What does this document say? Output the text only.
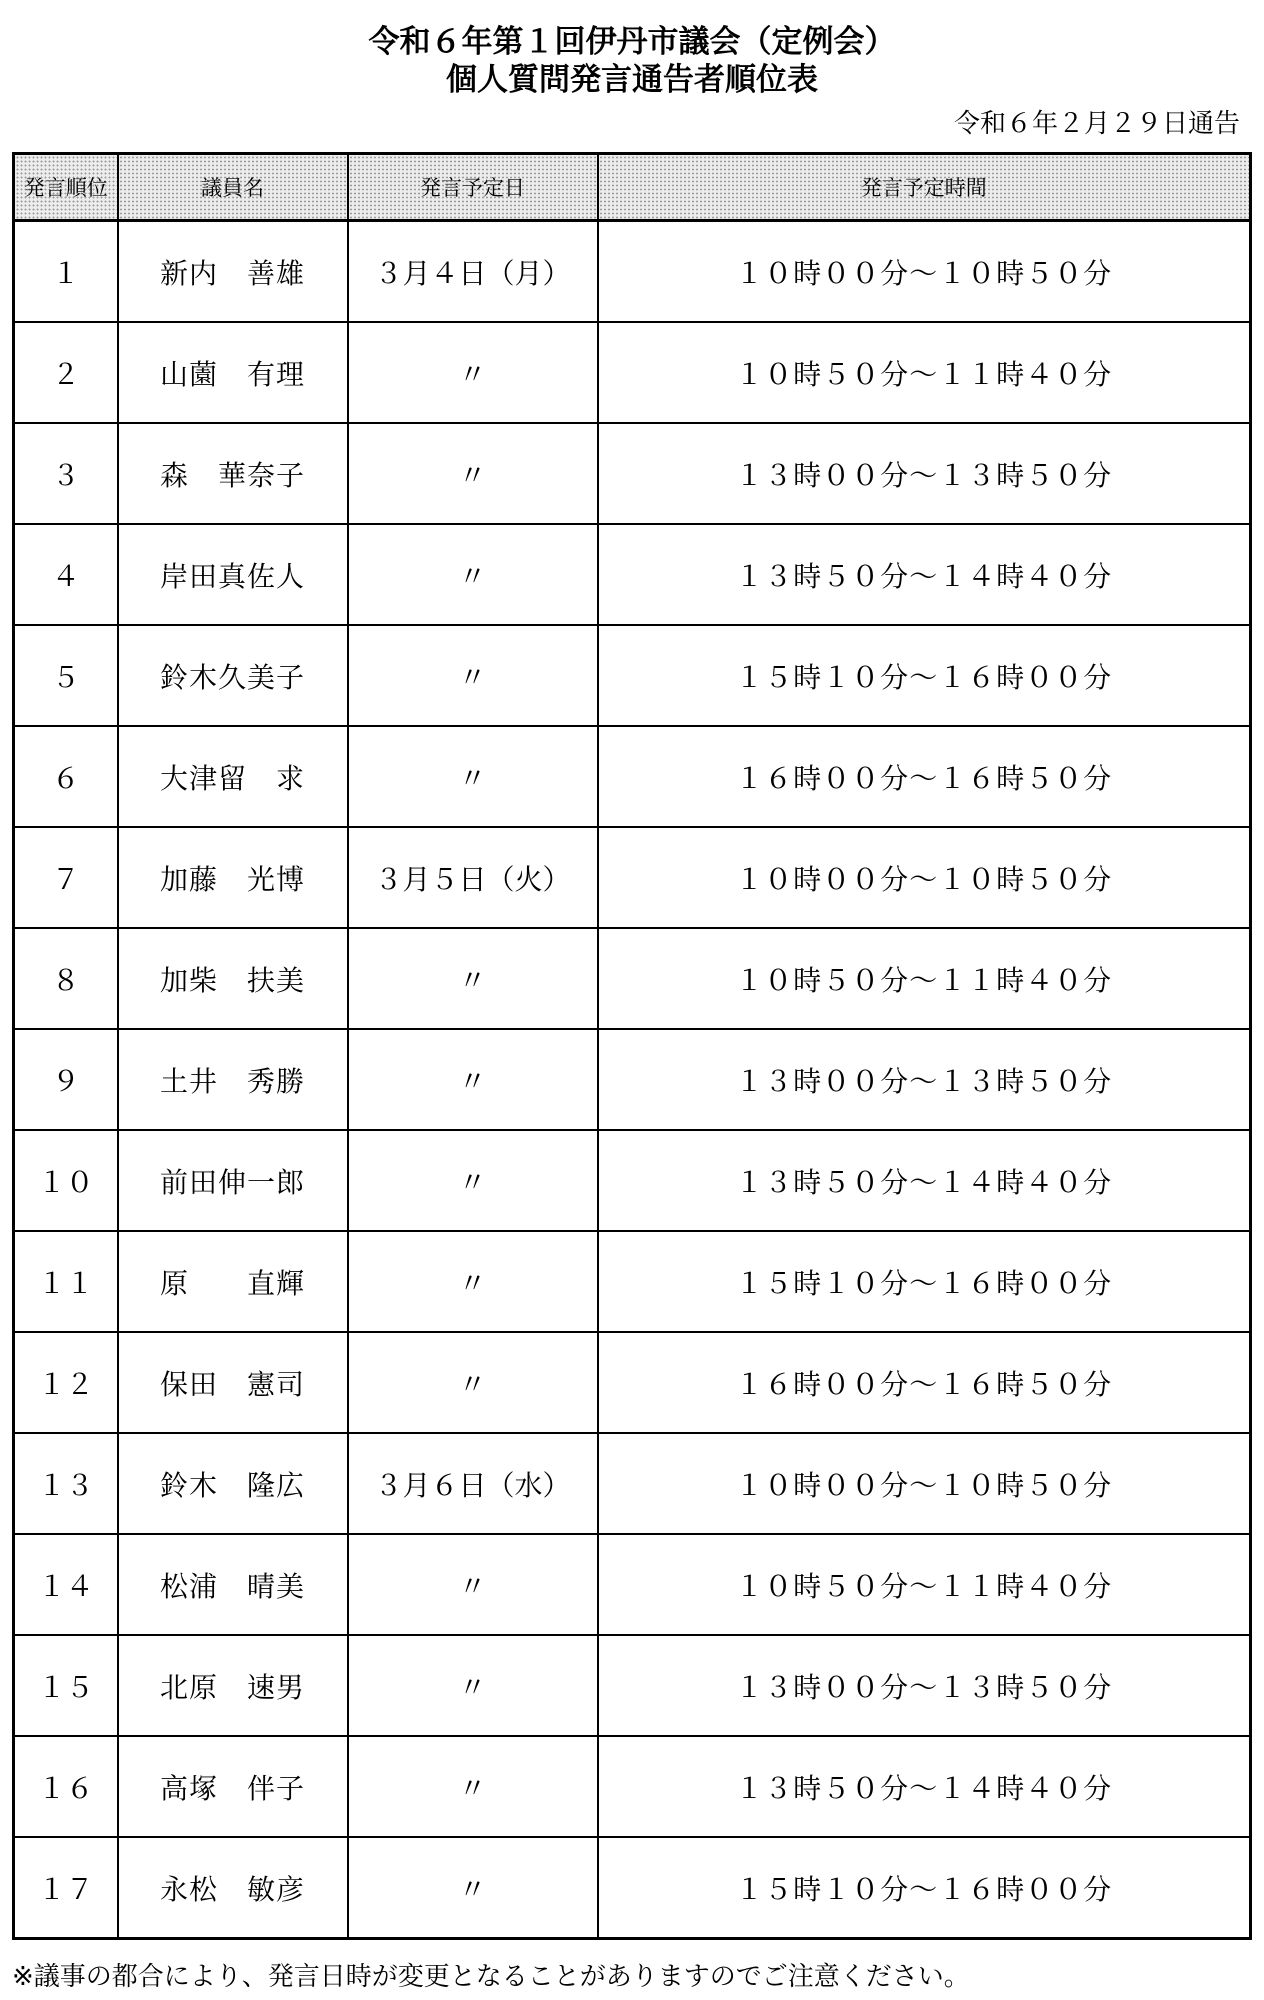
令和６年第１回伊丹市議会（定例会）
個人質問発言通告者順位表
令和６年２月２９日通告
発言順位	議員名	発言予定日	発言予定時間
１	新内　善雄	３月４日（月）	１０時００分～１０時５０分
２	山薗　有理	〃	１０時５０分～１１時４０分
３	森　華奈子	〃	１３時００分～１３時５０分
４	岸田真佐人	〃	１３時５０分～１４時４０分
５	鈴木久美子	〃	１５時１０分～１６時００分
６	大津留　求	〃	１６時００分～１６時５０分
７	加藤　光博	３月５日（火）	１０時００分～１０時５０分
８	加柴　扶美	〃	１０時５０分～１１時４０分
９	土井　秀勝	〃	１３時００分～１３時５０分
１０	前田伸一郎	〃	１３時５０分～１４時４０分
１１	原　　直輝	〃	１５時１０分～１６時００分
１２	保田　憲司	〃	１６時００分～１６時５０分
１３	鈴木　隆広	３月６日（水）	１０時００分～１０時５０分
１４	松浦　晴美	〃	１０時５０分～１１時４０分
１５	北原　速男	〃	１３時００分～１３時５０分
１６	高塚　伴子	〃	１３時５０分～１４時４０分
１７	永松　敏彦	〃	１５時１０分～１６時００分
※議事の都合により、発言日時が変更となることがありますのでご注意ください。
